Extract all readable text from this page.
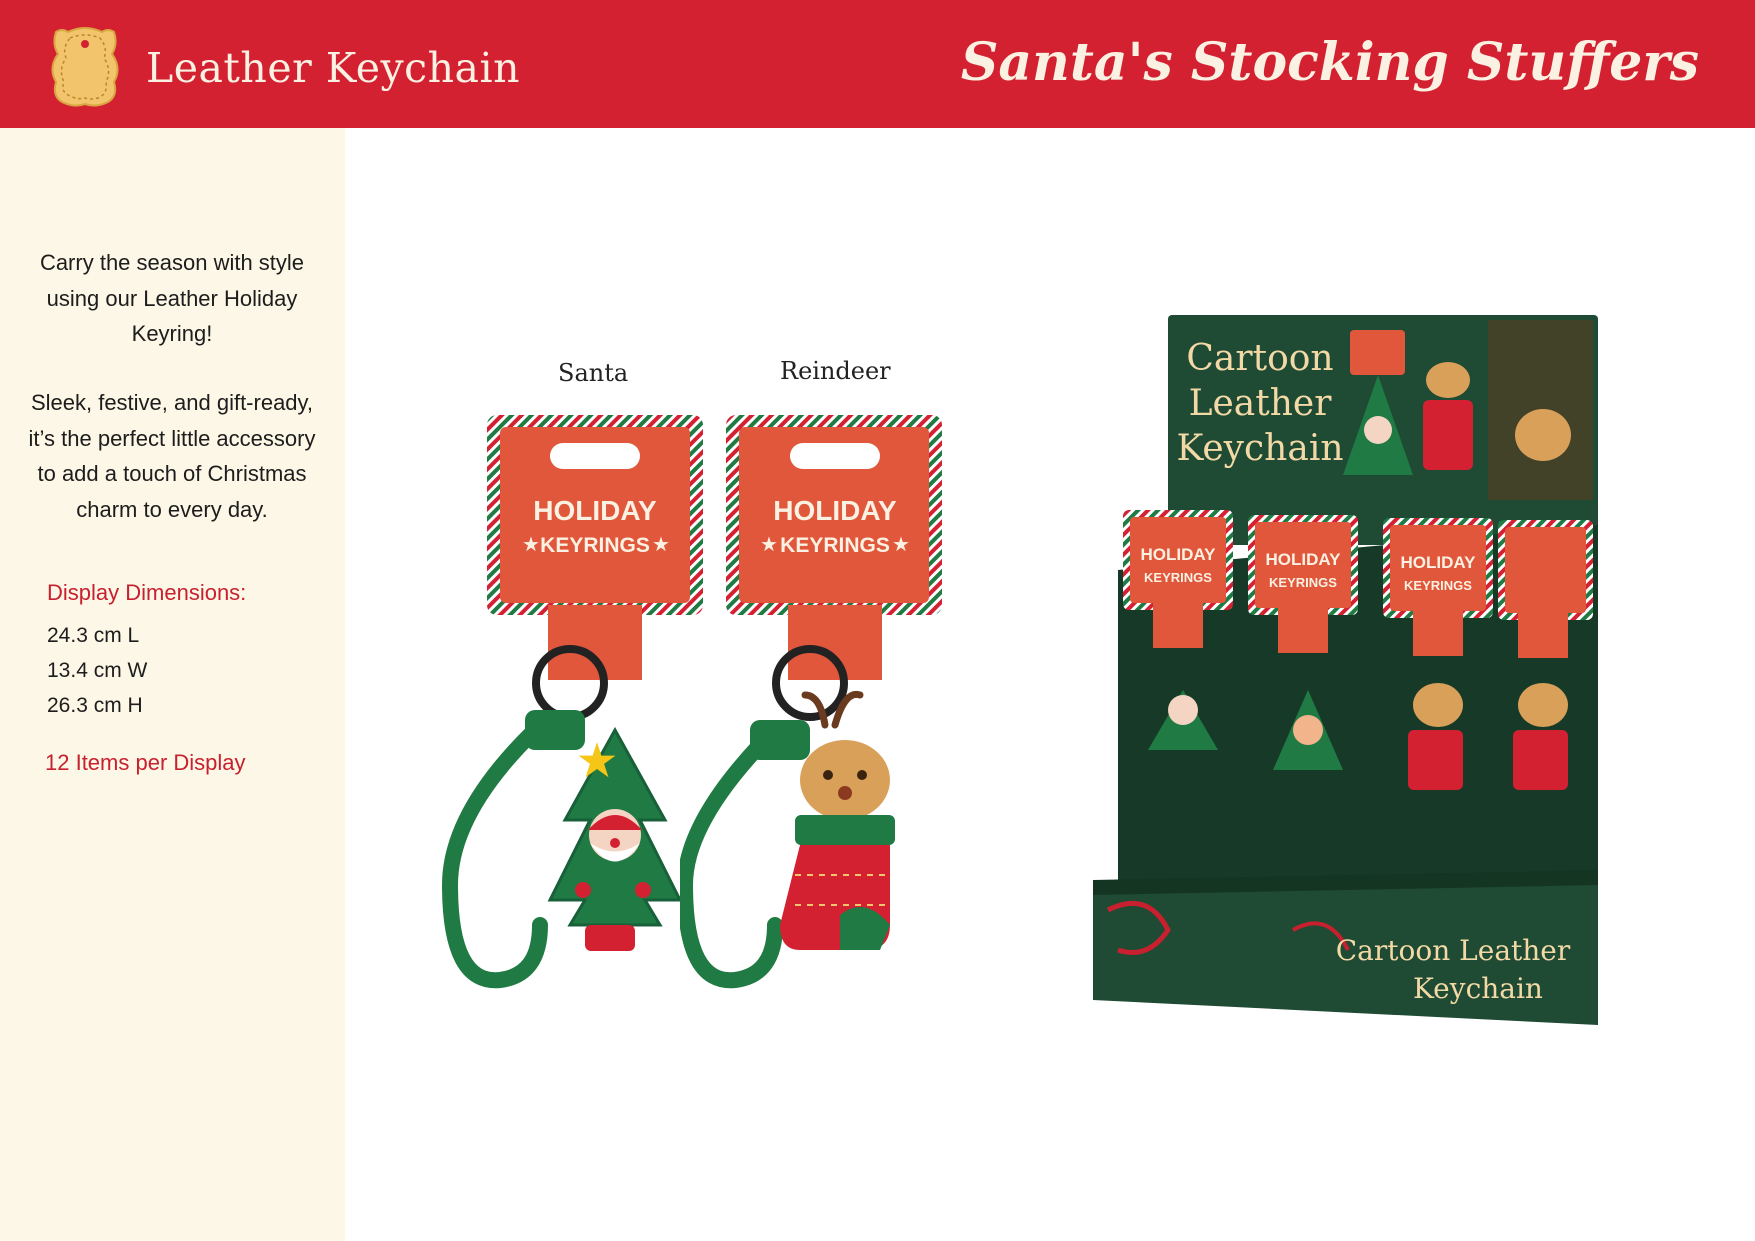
Leather Keychain	Santa's Stocking Stuffers
Carry the season with style using our Leather Holiday Keyring!
Sleek, festive, and gift-ready, it’s the perfect little accessory to add a touch of Christmas charm to every day.
Display Dimensions:
24.3 cm L
13.4 cm W
26.3 cm H
12 Items per Display
Santa	Reindeer
HOLIDAY
KEYRINGS
★	★
★
HOLIDAY
KEYRINGS
★	★
Cartoon
Leather
Keychain
HOLIDAY
KEYRINGS
HOLIDAY
KEYRINGS
HOLIDAY
KEYRINGS
Cartoon Leather
Keychain
